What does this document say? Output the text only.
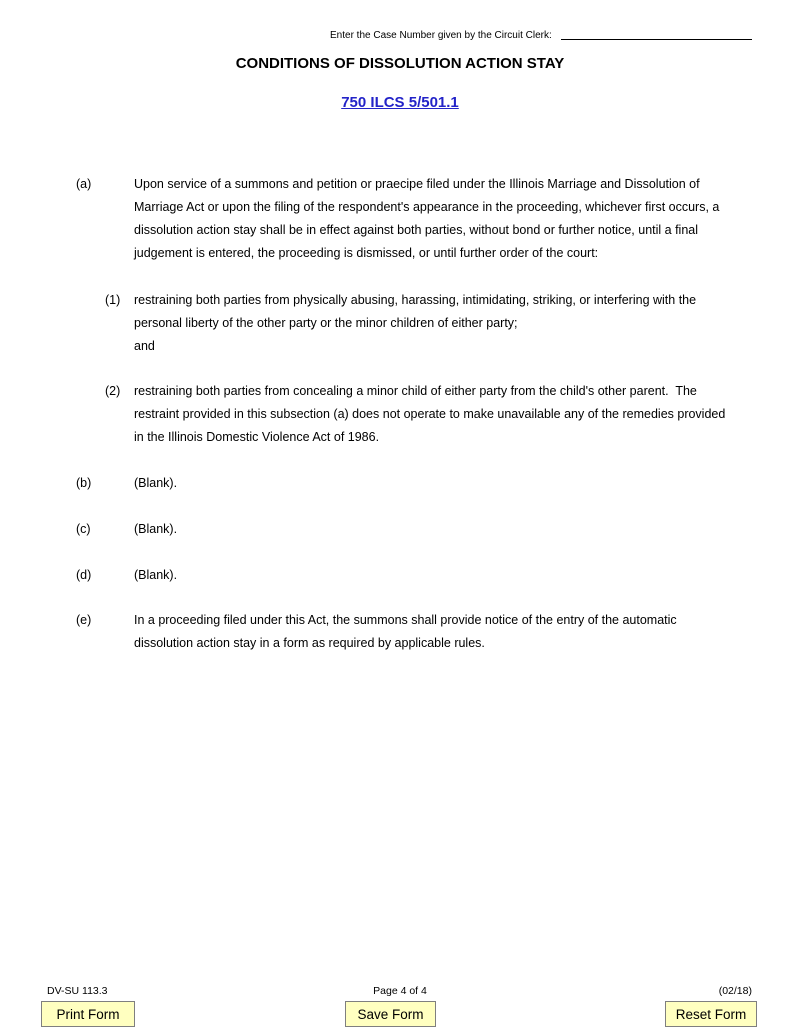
Enter the Case Number given by the Circuit Clerk:
CONDITIONS OF DISSOLUTION ACTION STAY
750 ILCS 5/501.1
(a)	Upon service of a summons and petition or praecipe filed under the Illinois Marriage and Dissolution of
Marriage Act or upon the filing of the respondent's appearance in the proceeding, whichever first occurs, a
dissolution action stay shall be in effect against both parties, without bond or further notice, until a final
judgement is entered, the proceeding is dismissed, or until further order of the court:
(1) restraining both parties from physically abusing, harassing, intimidating, striking, or interfering with the
personal liberty of the other party or the minor children of either party;
and
(2) restraining both parties from concealing a minor child of either party from the child's other parent.  The
restraint provided in this subsection (a) does not operate to make unavailable any of the remedies provided
in the Illinois Domestic Violence Act of 1986.
(b)	(Blank).
(c)	(Blank).
(d)	(Blank).
(e)	In a proceeding filed under this Act, the summons shall provide notice of the entry of the automatic
dissolution action stay in a form as required by applicable rules.
Page 4 of 4
DV-SU 113.3	(02/18)
Print Form	Save Form	Reset Form
